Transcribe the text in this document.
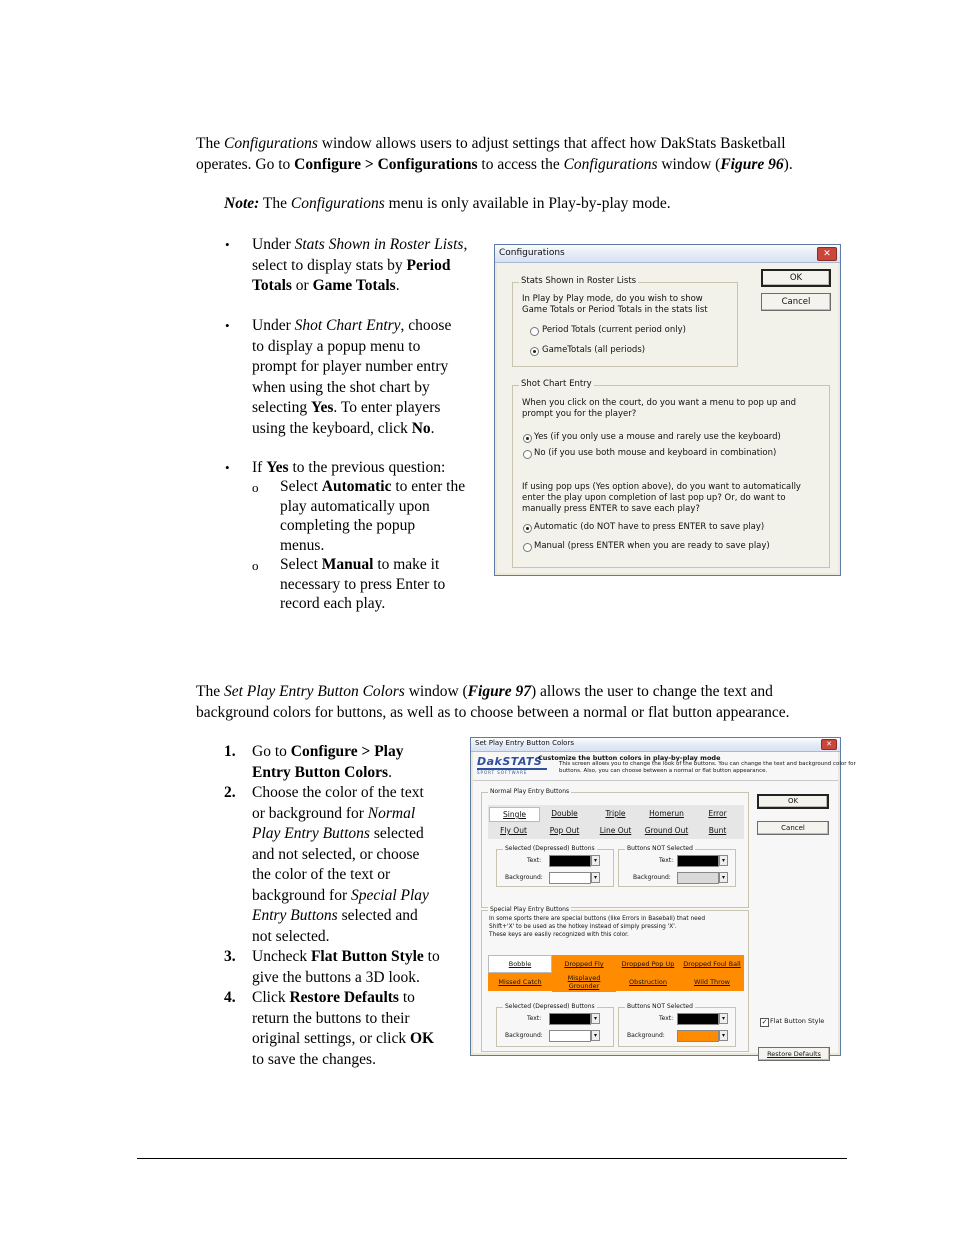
The Configurations window allows users to adjust settings that affect how DakStats Basketball
operates. Go to Configure > Configurations to access the Configurations window (Figure 96).
Note: The Configurations menu is only available in Play-by-play mode.
• Under Stats Shown in Roster Lists,
select to display stats by Period
Totals or Game Totals.
• Under Shot Chart Entry, choose
to display a popup menu to
prompt for player number entry
when using the shot chart by
selecting Yes. To enter players
using the keyboard, click No.
• If Yes to the previous question:
o Select Automatic to enter the
play automatically upon
completing the popup
menus.
o Select Manual to make it
necessary to press Enter to
record each play.
Configurations	✕
OK
Cancel
Stats Shown in Roster Lists
In Play by Play mode, do you wish to show
Game Totals or Period Totals in the stats list
Period Totals (current period only)
GameTotals (all periods)
Shot Chart Entry
When you click on the court, do you want a menu to pop up and
prompt you for the player?
Yes (if you only use a mouse and rarely use the keyboard)
No (if you use both mouse and keyboard in combination)
If using pop ups (Yes option above), do you want to automatically
enter the play upon completion of last pop up? Or, do want to
manually press ENTER to save each play?
Automatic (do NOT have to press ENTER to save play)
Manual (press ENTER when you are ready to save play)
The Set Play Entry Button Colors window (Figure 97) allows the user to change the text and
background colors for buttons, as well as to choose between a normal or flat button appearance.
1. Go to Configure > Play
Entry Button Colors.
2. Choose the color of the text
or background for Normal
Play Entry Buttons selected
and not selected, or choose
the color of the text or
background for Special Play
Entry Buttons selected and
not selected.
3. Uncheck Flat Button Style to
give the buttons a 3D look.
4. Click Restore Defaults to
return the buttons to their
original settings, or click OK
to save the changes.
Set Play Entry Button Colors	✕
DakSTATS
SPORT SOFTWARE
Customize the button colors in play-by-play mode
This screen allows you to change the look of the buttons. You can change the text and background color for
buttons. Also, you can choose between a normal or flat button appearance.
OK
Cancel
Normal Play Entry Buttons
Single	Double	Triple	Homerun	Error
Fly Out	Pop Out	Line Out	Ground Out	Bunt
Selected (Depressed) Buttons
Text:	▾
Background:	▾
Buttons NOT Selected
Text:	▾
Background:	▾
Special Play Entry Buttons
In some sports there are special buttons (like Errors in Baseball) that need
Shift+'X' to be used as the hotkey instead of simply pressing 'X'.
These keys are easily recognized with this color.
Bobble	Dropped Fly	Dropped Pop Up	Dropped Foul Ball
Missed Catch	Misplayed Grounder	Obstruction	Wild Throw
Selected (Depressed) Buttons
Text:	▾
Background:	▾
Buttons NOT Selected
Text:	▾
Background:	▾
✓ Flat Button Style
Restore Defaults
